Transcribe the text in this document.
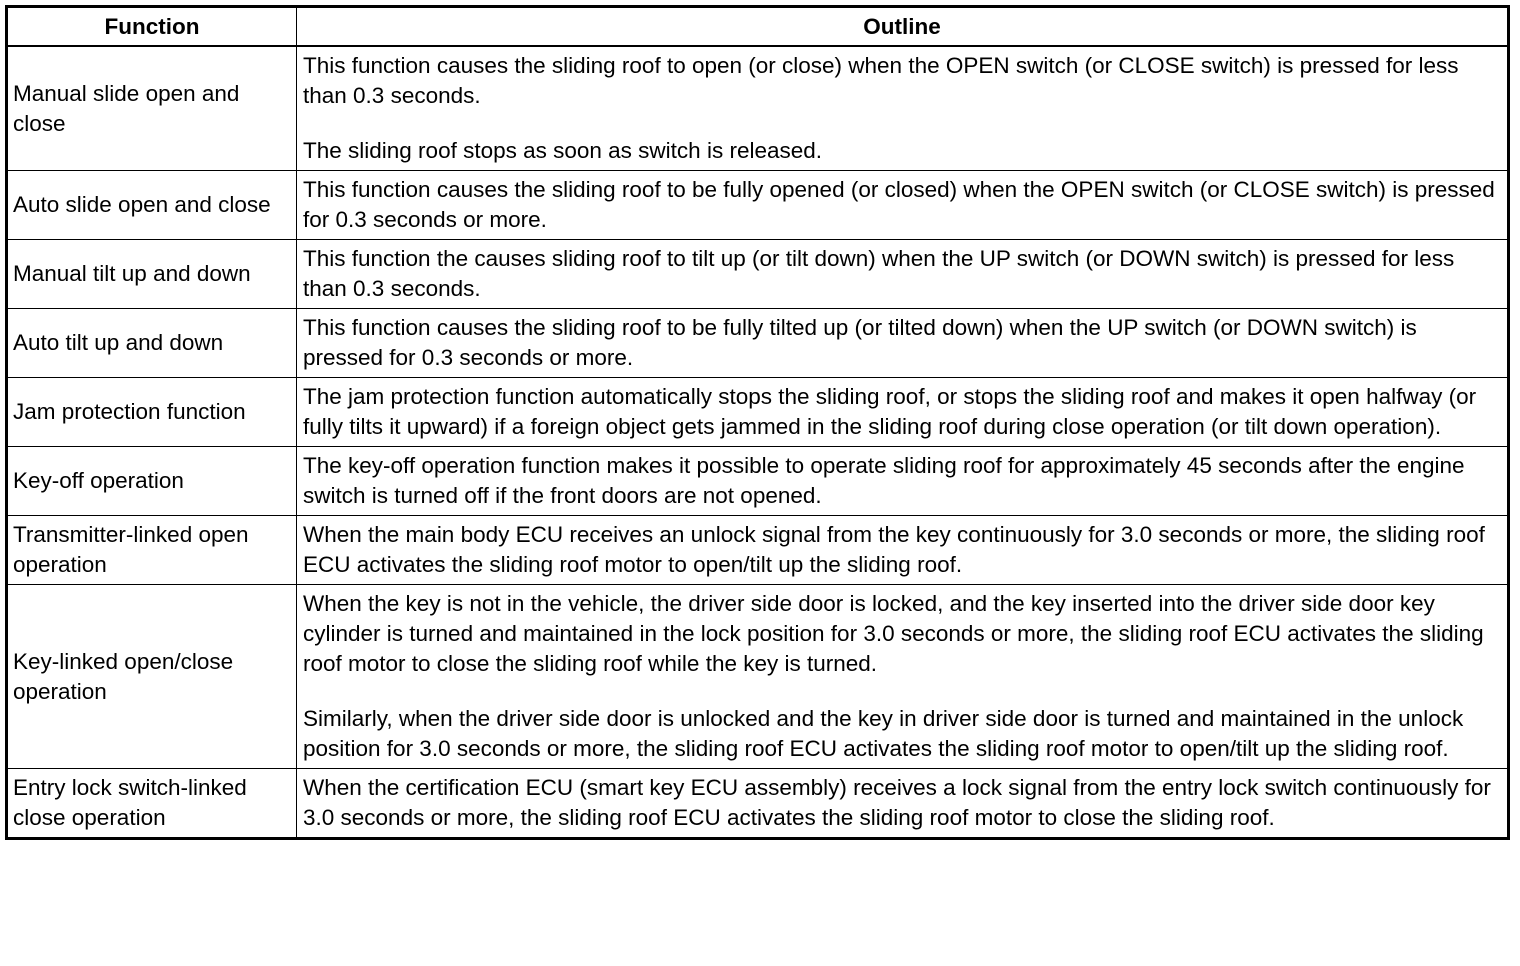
Function	Outline
Manual slide open and close	This function causes the sliding roof to open (or close) when the OPEN switch (or CLOSE switch) is pressed for less than 0.3 seconds.

The sliding roof stops as soon as switch is released.

Auto slide open and close	This function causes the sliding roof to be fully opened (or closed) when the OPEN switch (or CLOSE switch) is pressed for 0.3 seconds or more.

Manual tilt up and down	This function the causes sliding roof to tilt up (or tilt down) when the UP switch (or DOWN switch) is pressed for less than 0.3 seconds.

Auto tilt up and down	This function causes the sliding roof to be fully tilted up (or tilted down) when the UP switch (or DOWN switch) is pressed for 0.3 seconds or more.

Jam protection function	The jam protection function automatically stops the sliding roof, or stops the sliding roof and makes it open halfway (or fully tilts it upward) if a foreign object gets jammed in the sliding roof during close operation (or tilt down operation).

Key-off operation	The key-off operation function makes it possible to operate sliding roof for approximately 45 seconds after the engine switch is turned off if the front doors are not opened.

Transmitter-linked open operation	When the main body ECU receives an unlock signal from the key continuously for 3.0 seconds or more, the sliding roof ECU activates the sliding roof motor to open/tilt up the sliding roof.

Key-linked open/close operation	When the key is not in the vehicle, the driver side door is locked, and the key inserted into the driver side door key cylinder is turned and maintained in the lock position for 3.0 seconds or more, the sliding roof ECU activates the sliding roof motor to close the sliding roof while the key is turned.

Similarly, when the driver side door is unlocked and the key in driver side door is turned and maintained in the unlock position for 3.0 seconds or more, the sliding roof ECU activates the sliding roof motor to open/tilt up the sliding roof.

Entry lock switch-linked close operation	When the certification ECU (smart key ECU assembly) receives a lock signal from the entry lock switch continuously for 3.0 seconds or more, the sliding roof ECU activates the sliding roof motor to close the sliding roof.
